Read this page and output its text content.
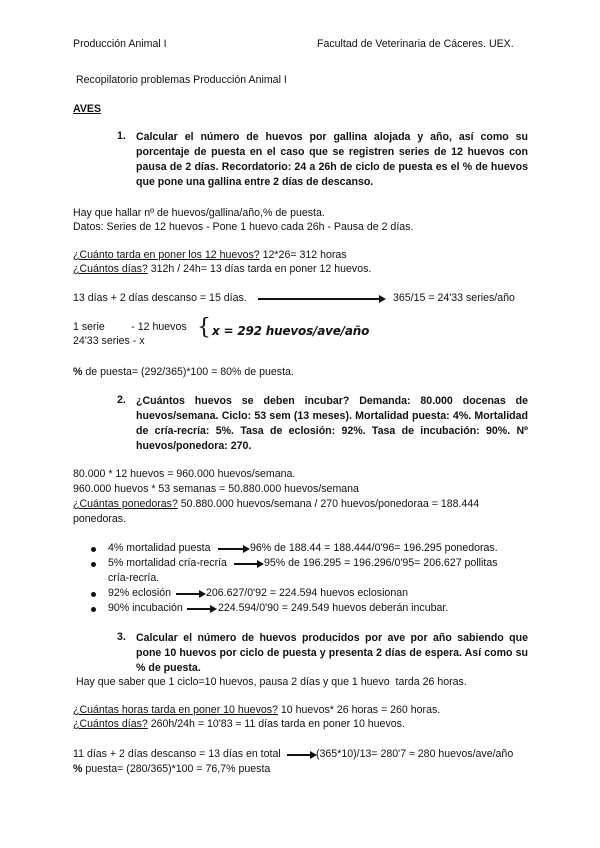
Producción Animal I	Facultad de Veterinaria de Cáceres. UEX.
Recopilatorio problemas Producción Animal I
AVES
1. Calcular el número de huevos por gallina alojada y año, así como su porcentaje de puesta en el caso que se registren series de 12 huevos con pausa de 2 días. Recordatorio: 24 a 26h de ciclo de puesta es el % de huevos que pone una gallina entre 2 días de descanso.
Hay que hallar nº de huevos/gallina/año,% de puesta.
Datos: Series de 12 huevos - Pone 1 huevo cada 26h - Pausa de 2 días.
¿Cuánto tarda en poner los 12 huevos? 12*26= 312 horas
¿Cuántos días? 312h / 24h= 13 días tarda en poner 12 huevos.
13 días + 2 días descanso = 15 días.	365/15 = 24'33 series/año
1 serie         - 12 huevos
24'33 series - x
{ x = 292 huevos/ave/año
% de puesta= (292/365)*100 = 80% de puesta.
2. ¿Cuántos huevos se deben incubar? Demanda: 80.000 docenas de huevos/semana. Ciclo: 53 sem (13 meses). Mortalidad puesta: 4%. Mortalidad de cría-recría: 5%. Tasa de eclosión: 92%. Tasa de incubación: 90%. Nº huevos/ponedora: 270.
80.000 * 12 huevos = 960.000 huevos/semana.
960.000 huevos * 53 semanas = 50.880.000 huevos/semana
¿Cuántas ponedoras? 50.880.000 huevos/semana / 270 huevos/ponedoraa = 188.444
ponedoras.
4% mortalidad puesta	96% de 188.44 = 188.444/0'96= 196.295 ponedoras.
5% mortalidad cría-recría	95% de 196.295 = 196.296/0'95= 206.627 pollitas
cría-recría.
92% eclosión	206.627/0'92 = 224.594 huevos eclosionan
90% incubación	224.594/0'90 = 249.549 huevos deberán incubar.
3. Calcular el número de huevos producidos por ave por año sabiendo que pone 10 huevos por ciclo de puesta y presenta 2 días de espera. Así como su % de puesta.
Hay que saber que 1 ciclo=10 huevos, pausa 2 días y que 1 huevo  tarda 26 horas.
¿Cuántas horas tarda en poner 10 huevos? 10 huevos* 26 horas = 260 horas.
¿Cuántos días? 260h/24h = 10'83 ≈ 11 días tarda en poner 10 huevos.
11 días + 2 días descanso = 13 días en total	(365*10)/13= 280'7 ≈ 280 huevos/ave/año
% puesta= (280/365)*100 = 76,7% puesta
